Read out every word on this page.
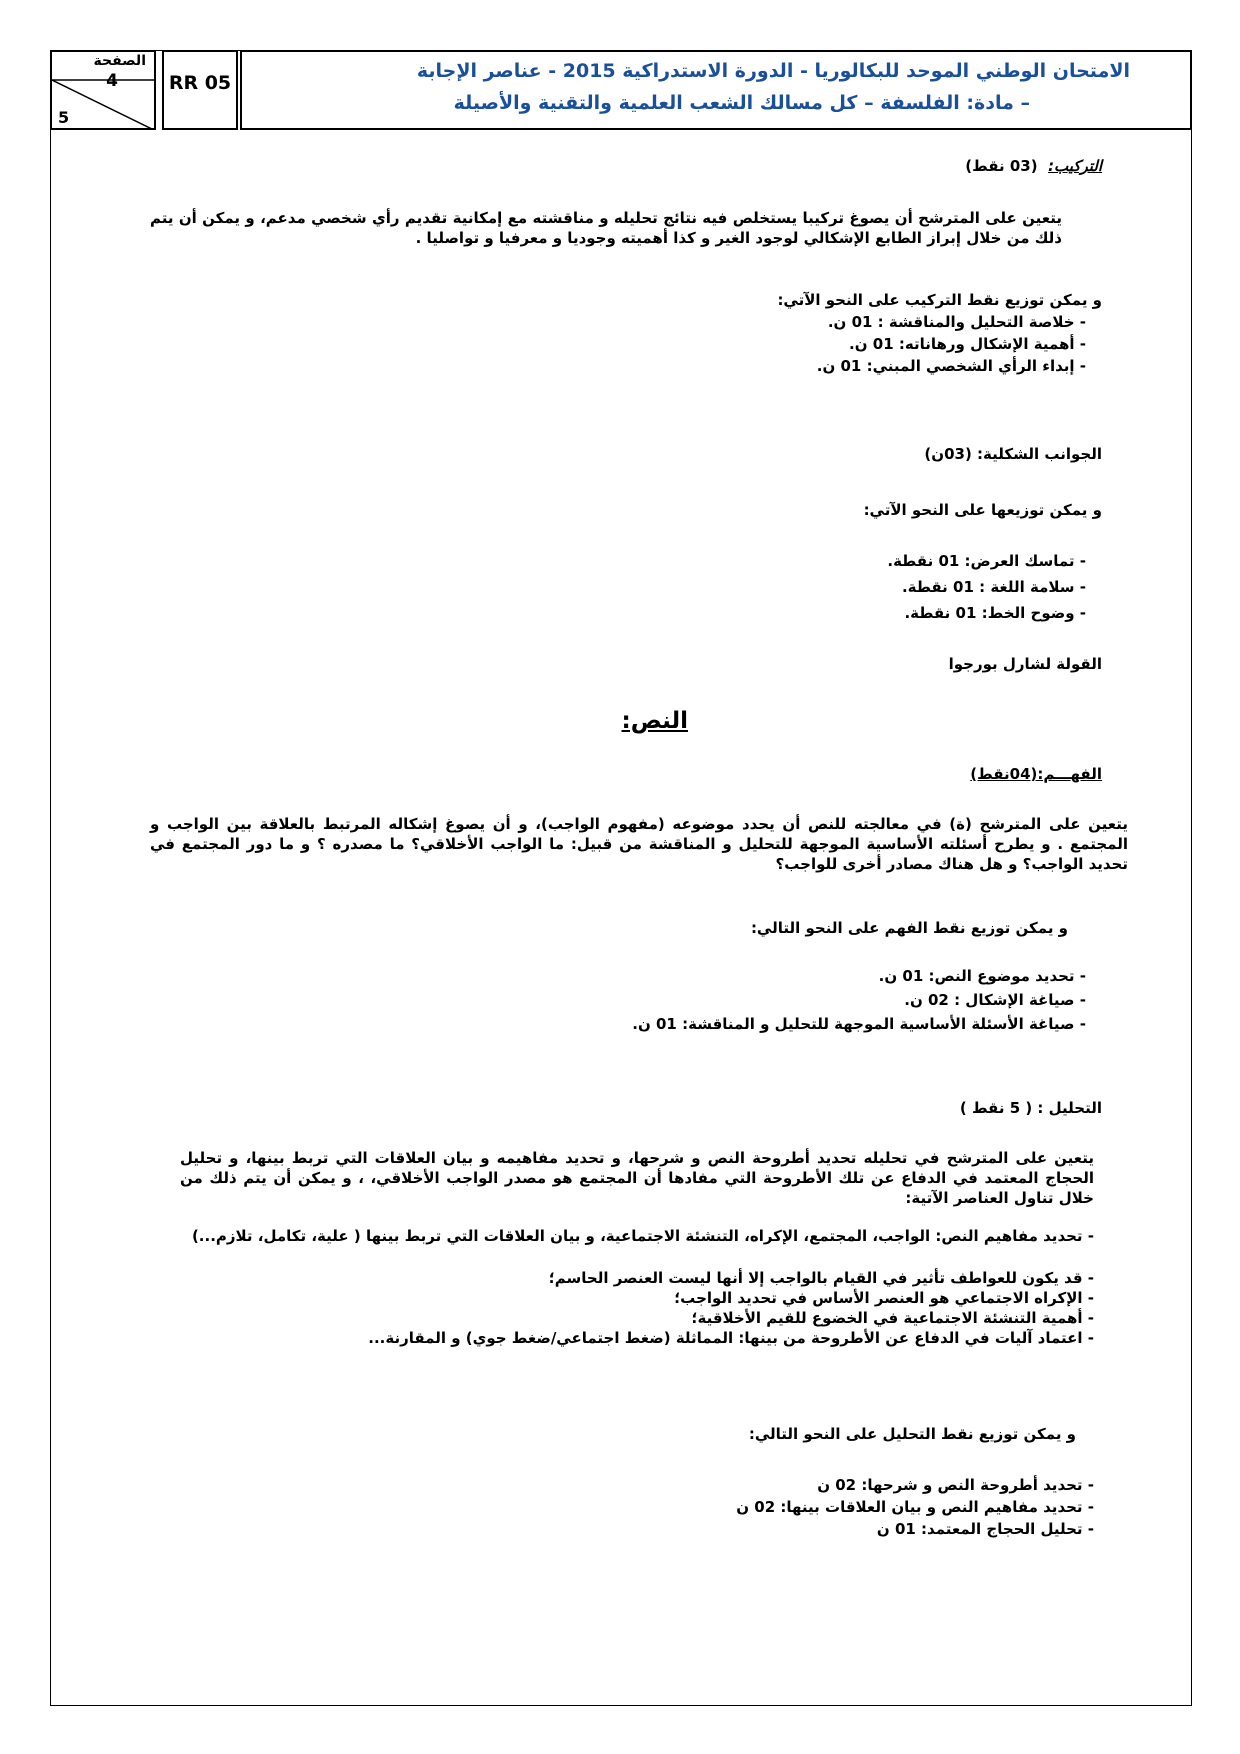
الصفحة
4
5
RR 05
الامتحان الوطني الموحد للبكالوريا - الدورة الاستدراكية 2015 - عناصر الإجابة
– مادة: الفلسفة – كل مسالك الشعب العلمية والتقنية والأصيلة
التركيب:  (03 نقط)
يتعين على المترشح أن يصوغ تركيبا يستخلص فيه نتائج تحليله و مناقشته مع إمكانية تقديم رأي شخصي مدعم، و يمكن أن يتم ذلك من خلال إبراز الطابع الإشكالي لوجود الغير و كذا أهميته وجوديا و معرفيا و تواصليا .
و يمكن توزيع نقط التركيب على النحو الآتي:
- خلاصة التحليل والمناقشة : 01 ن.
- أهمية الإشكال ورهاناته: 01 ن.
- إبداء الرأي الشخصي المبني: 01 ن.
الجوانب الشكلية: (03ن)
و يمكن توزيعها على النحو الآتي:
- تماسك العرض: 01 نقطة.
- سلامة اللغة : 01 نقطة.
- وضوح الخط: 01 نقطة.
القولة لشارل بورجوا
النص:
الفهـــم:(04نقط)
يتعين على المترشح (ة) في معالجته للنص أن يحدد موضوعه (مفهوم الواجب)، و أن يصوغ إشكاله المرتبط بالعلاقة بين الواجب و المجتمع . و يطرح أسئلته الأساسية الموجهة للتحليل و المناقشة من قبيل: ما الواجب الأخلاقي؟ ما مصدره ؟ و ما دور المجتمع في تحديد الواجب؟ و هل هناك مصادر أخرى للواجب؟
و يمكن توزيع نقط الفهم على النحو التالي:
- تحديد موضوع النص: 01 ن.
- صياغة الإشكال : 02 ن.
- صياغة الأسئلة الأساسية الموجهة للتحليل و المناقشة: 01 ن.
التحليل : ( 5 نقط )
يتعين على المترشح في تحليله تحديد أطروحة النص و شرحها، و تحديد مفاهيمه و بيان العلاقات التي تربط بينها، و تحليل الحجاج المعتمد في الدفاع عن تلك الأطروحة التي مفادها أن المجتمع هو مصدر الواجب الأخلاقي، ، و يمكن أن يتم ذلك من خلال تناول العناصر الآتية:
- تحديد مفاهيم النص: الواجب، المجتمع، الإكراه، التنشئة الاجتماعية، و بيان العلاقات التي تربط بينها ( علية، تكامل، تلازم...)
- قد يكون للعواطف تأثير في القيام بالواجب إلا أنها ليست العنصر الحاسم؛
- الإكراه الاجتماعي هو العنصر الأساس في تحديد الواجب؛
- أهمية التنشئة الاجتماعية في الخضوع للقيم الأخلاقية؛
- اعتماد آليات في الدفاع عن الأطروحة من بينها: المماثلة (ضغط اجتماعي/ضغط جوي) و المقارنة...
و يمكن توزيع نقط التحليل على النحو التالي:
- تحديد أطروحة النص و شرحها: 02 ن
- تحديد مفاهيم النص و بيان العلاقات بينها: 02 ن
- تحليل الحجاج المعتمد: 01 ن
